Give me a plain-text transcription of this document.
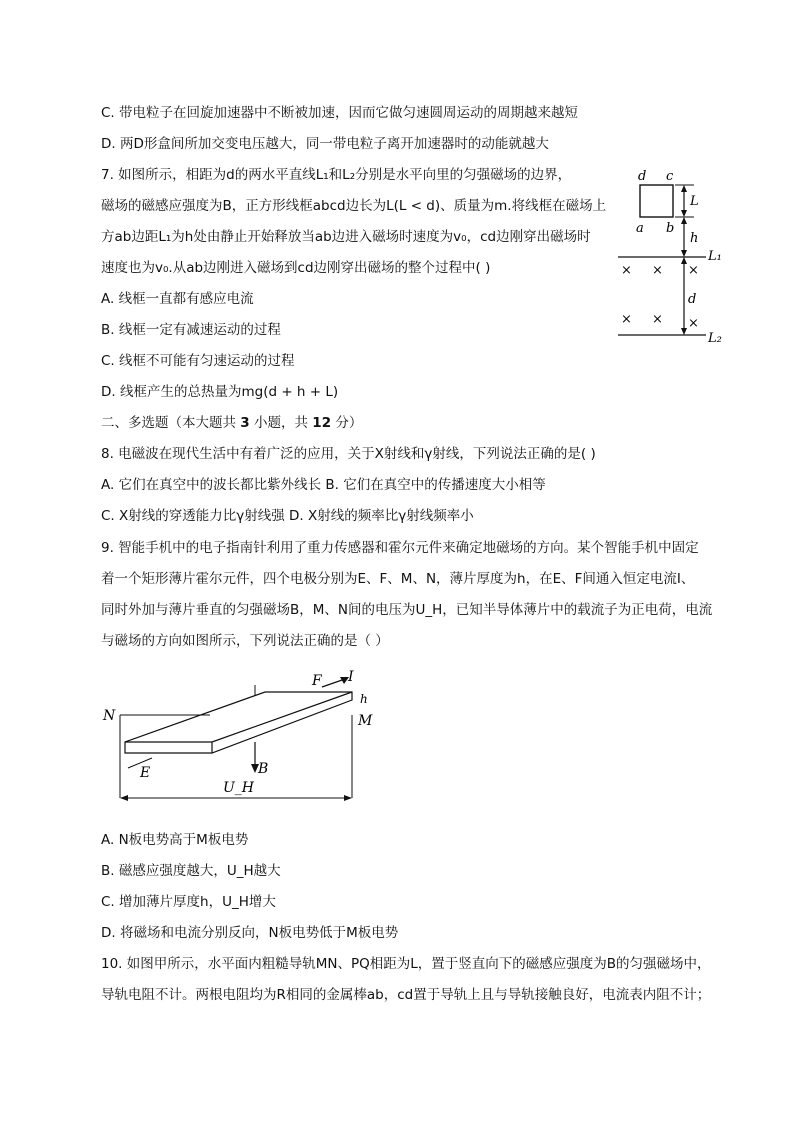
C. 带电粒子在回旋加速器中不断被加速，因而它做匀速圆周运动的周期越来越短
D. 两D形盒间所加交变电压越大，同一带电粒子离开加速器时的动能就越大
7. 如图所示，相距为d的两水平直线L₁和L₂分别是水平向里的匀强磁场的边界，
磁场的磁感应强度为B，正方形线框abcd边长为L(L < d)、质量为m.将线框在磁场上
方ab边距L₁为h处由静止开始释放当ab边进入磁场时速度为v₀，cd边刚穿出磁场时
速度也为v₀.从ab边刚进入磁场到cd边刚穿出磁场的整个过程中( )
A. 线框一直都有感应电流
B. 线框一定有减速运动的过程
C. 线框不可能有匀速运动的过程
D. 线框产生的总热量为mg(d + h + L)
d c
a b
L
h
L₁
× × ×
d
× × ×
L₂
二、多选题（本大题共 3 小题，共 12 分）
8. 电磁波在现代生活中有着广泛的应用，关于X射线和γ射线，下列说法正确的是( )
A. 它们在真空中的波长都比紫外线长 B. 它们在真空中的传播速度大小相等
C. X射线的穿透能力比γ射线强 D. X射线的频率比γ射线频率小
9. 智能手机中的电子指南针利用了重力传感器和霍尔元件来确定地磁场的方向。某个智能手机中固定
着一个矩形薄片霍尔元件，四个电极分别为E、F、M、N，薄片厚度为h，在E、F间通入恒定电流I、
同时外加与薄片垂直的匀强磁场B，M、N间的电压为U_H，已知半导体薄片中的载流子为正电荷，电流
与磁场的方向如图所示，下列说法正确的是（ ）
B
F I
h
N	M
E
U_H
A. N板电势高于M板电势
B. 磁感应强度越大，U_H越大
C. 增加薄片厚度h，U_H增大
D. 将磁场和电流分别反向，N板电势低于M板电势
10. 如图甲所示，水平面内粗糙导轨MN、PQ相距为L，置于竖直向下的磁感应强度为B的匀强磁场中，
导轨电阻不计。两根电阻均为R相同的金属棒ab，cd置于导轨上且与导轨接触良好，电流表内阻不计；
